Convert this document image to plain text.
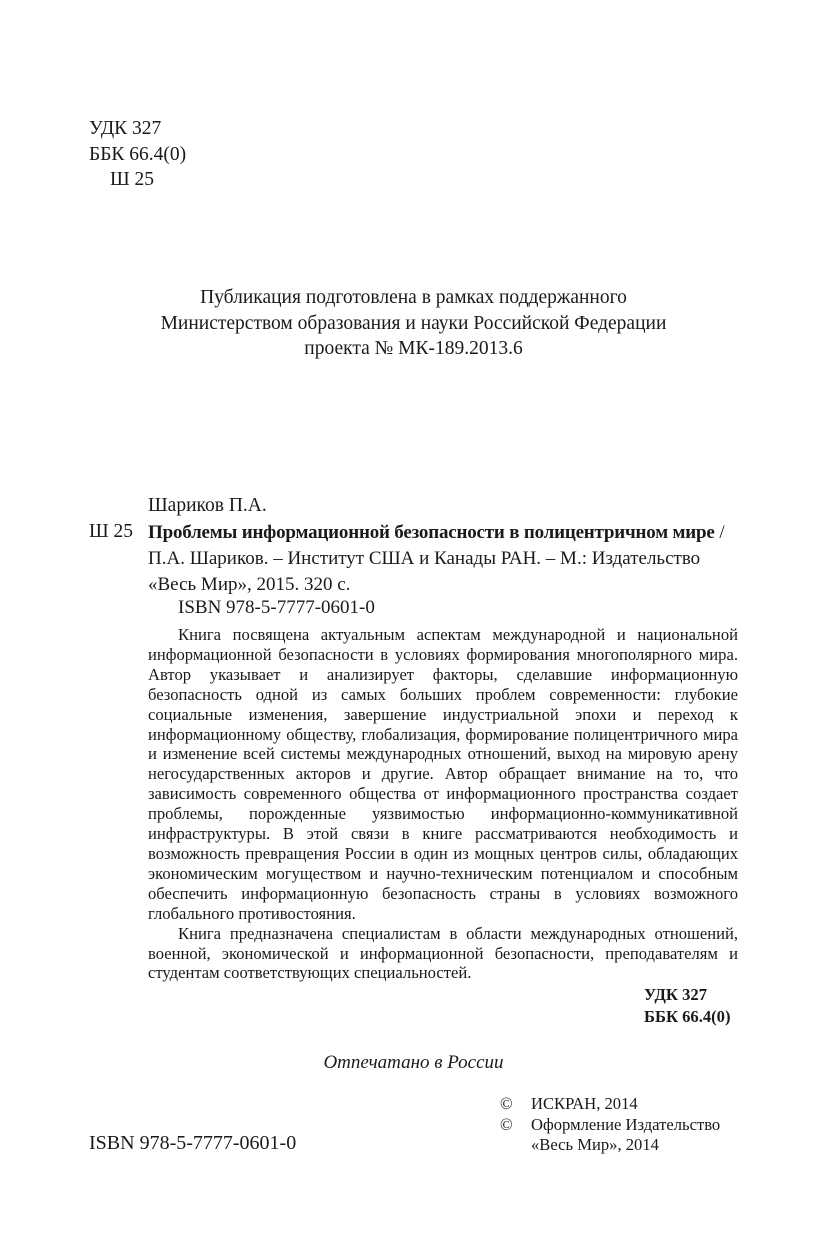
УДК 327
ББК 66.4(0)
Ш 25
Публикация подготовлена в рамках поддержанного
Министерством образования и науки Российской Федерации
проекта № МК-189.2013.6
Шариков П.А.
Ш 25 Проблемы информационной безопасности в полицентричном мире / П.А. Шариков. – Институт США и Канады РАН. – М.: Издательство «Весь Мир», 2015. 320 с.
ISBN 978-5-7777-0601-0

Книга посвящена актуальным аспектам международной и национальной информационной безопасности в условиях формирования многополярного мира. Автор указывает и анализирует факторы, сделавшие информационную безопасность одной из самых больших проблем современности: глубокие социальные изменения, завершение индустриальной эпохи и переход к информационному обществу, глобализация, формирование полицентричного мира и изменение всей системы международных отношений, выход на мировую арену негосударственных акторов и другие. Автор обращает внимание на то, что зависимость современного общества от информационного пространства создает проблемы, порожденные уязвимостью информационно-коммуникативной инфраструктуры. В этой связи в книге рассматриваются необходимость и возможность превращения России в один из мощных центров силы, обладающих экономическим могуществом и научно-техническим потенциалом и способным обеспечить информационную безопасность страны в условиях возможного глобального противостояния.

Книга предназначена специалистам в области международных отношений, военной, экономической и информационной безопасности, преподавателям и студентам соответствующих специальностей.

УДК 327
ББК 66.4(0)
Отпечатано в России
©	ИСКРАН, 2014
©	Оформление Издательство
«Весь Мир», 2014
ISBN 978-5-7777-0601-0
